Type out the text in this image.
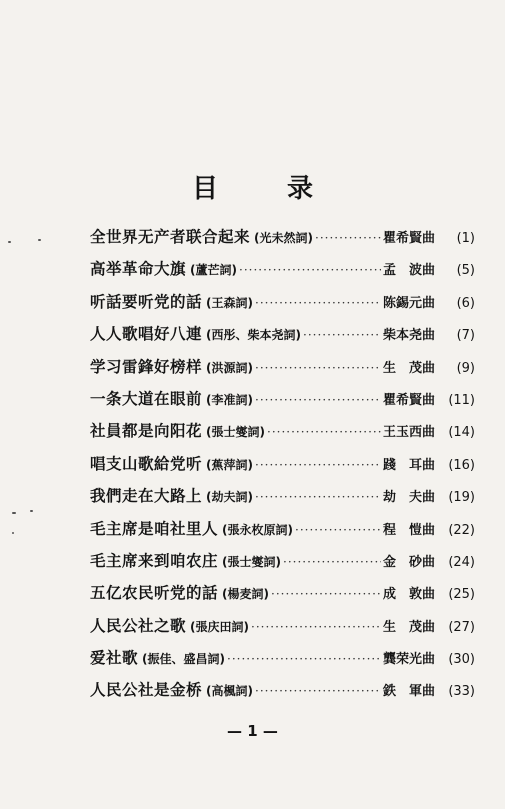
目 录
全世界无产者联合起来 (光未然詞) ·····	瞿希賢曲	(1)
高举革命大旗 (蘆芒詞) ·····	孟　波曲	(5)
听話要听党的話 (王森詞) ·····	陈錫元曲	(6)
人人歌唱好八連 (西彤、柴本尧詞) ·····	柴本尧曲	(7)
学习雷鋒好榜样 (洪源詞) ·····	生　茂曲	(9)
一条大道在眼前 (李准詞) ·····	瞿希賢曲	(11)
社員都是向阳花 (張士燮詞) ·····	王玉西曲	(14)
唱支山歌給党听 (蕉萍詞) ·····	踐　耳曲	(16)
我們走在大路上 (劫夫詞) ·····	劫　夫曲	(19)
毛主席是咱社里人 (張永枚原詞) ·····	程　愷曲	(22)
毛主席来到咱农庄 (張士燮詞) ·····	金　砂曲	(24)
五亿农民听党的話 (楊麦詞) ·····	成　敦曲	(25)
人民公社之歌 (張庆田詞) ·····	生　茂曲	(27)
爱社歌 (振佳、盛昌詞) ·····	龔荣光曲	(30)
人民公社是金桥 (高楓詞) ·····	鉄　軍曲	(33)
— 1 —
